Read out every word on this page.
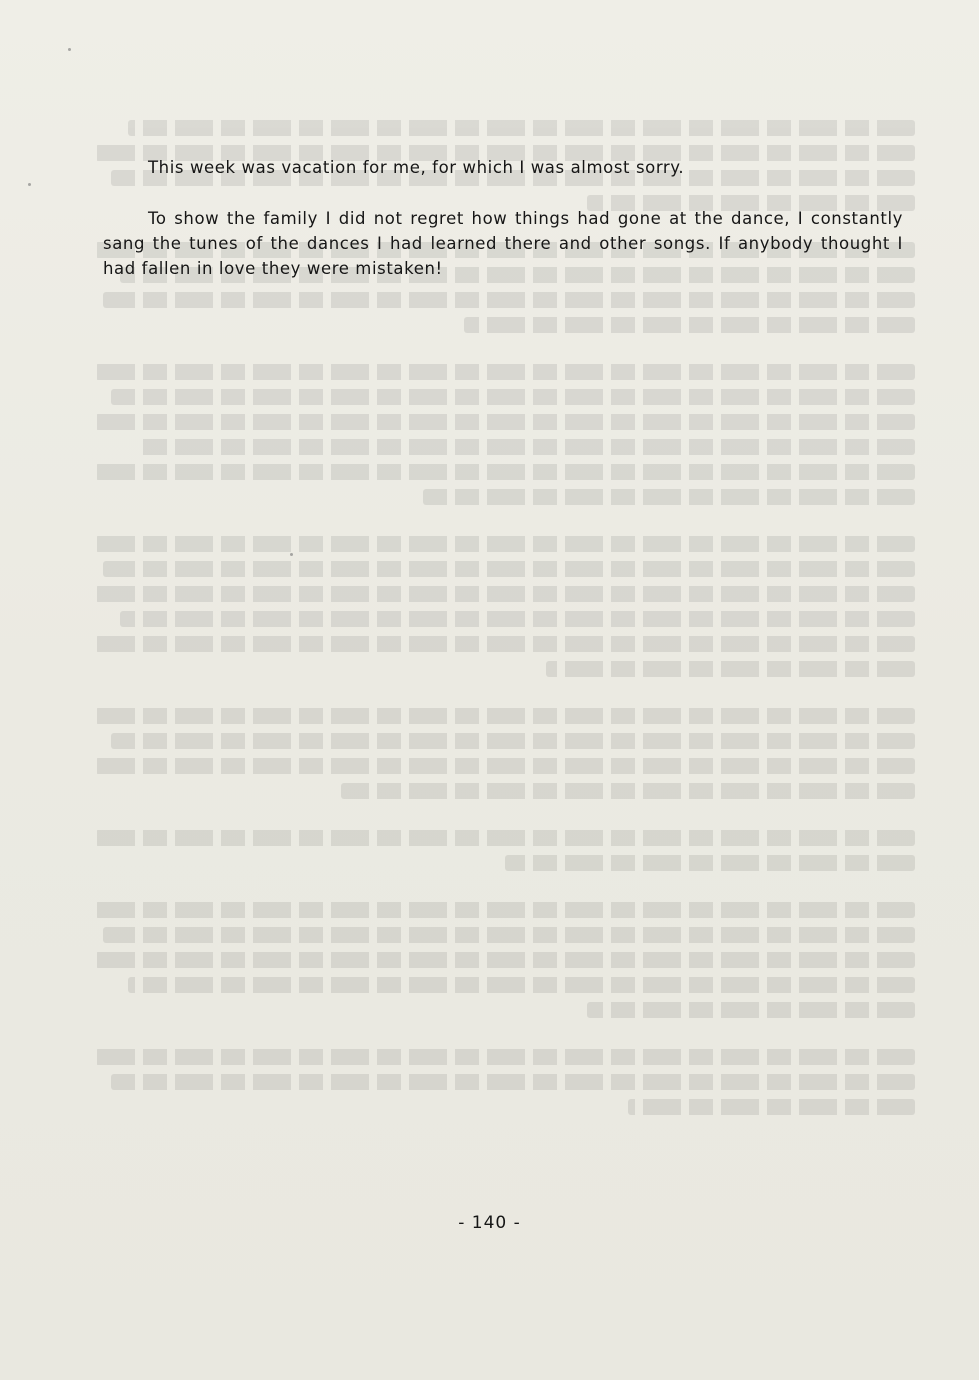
This week was vacation for me, for which I was almost sorry.

To show the family I did not regret how things had gone at the dance, I constantly sang the tunes of the dances I had learned there and other songs. If anybody thought I had fallen in love they were mistaken!

- 140 -
